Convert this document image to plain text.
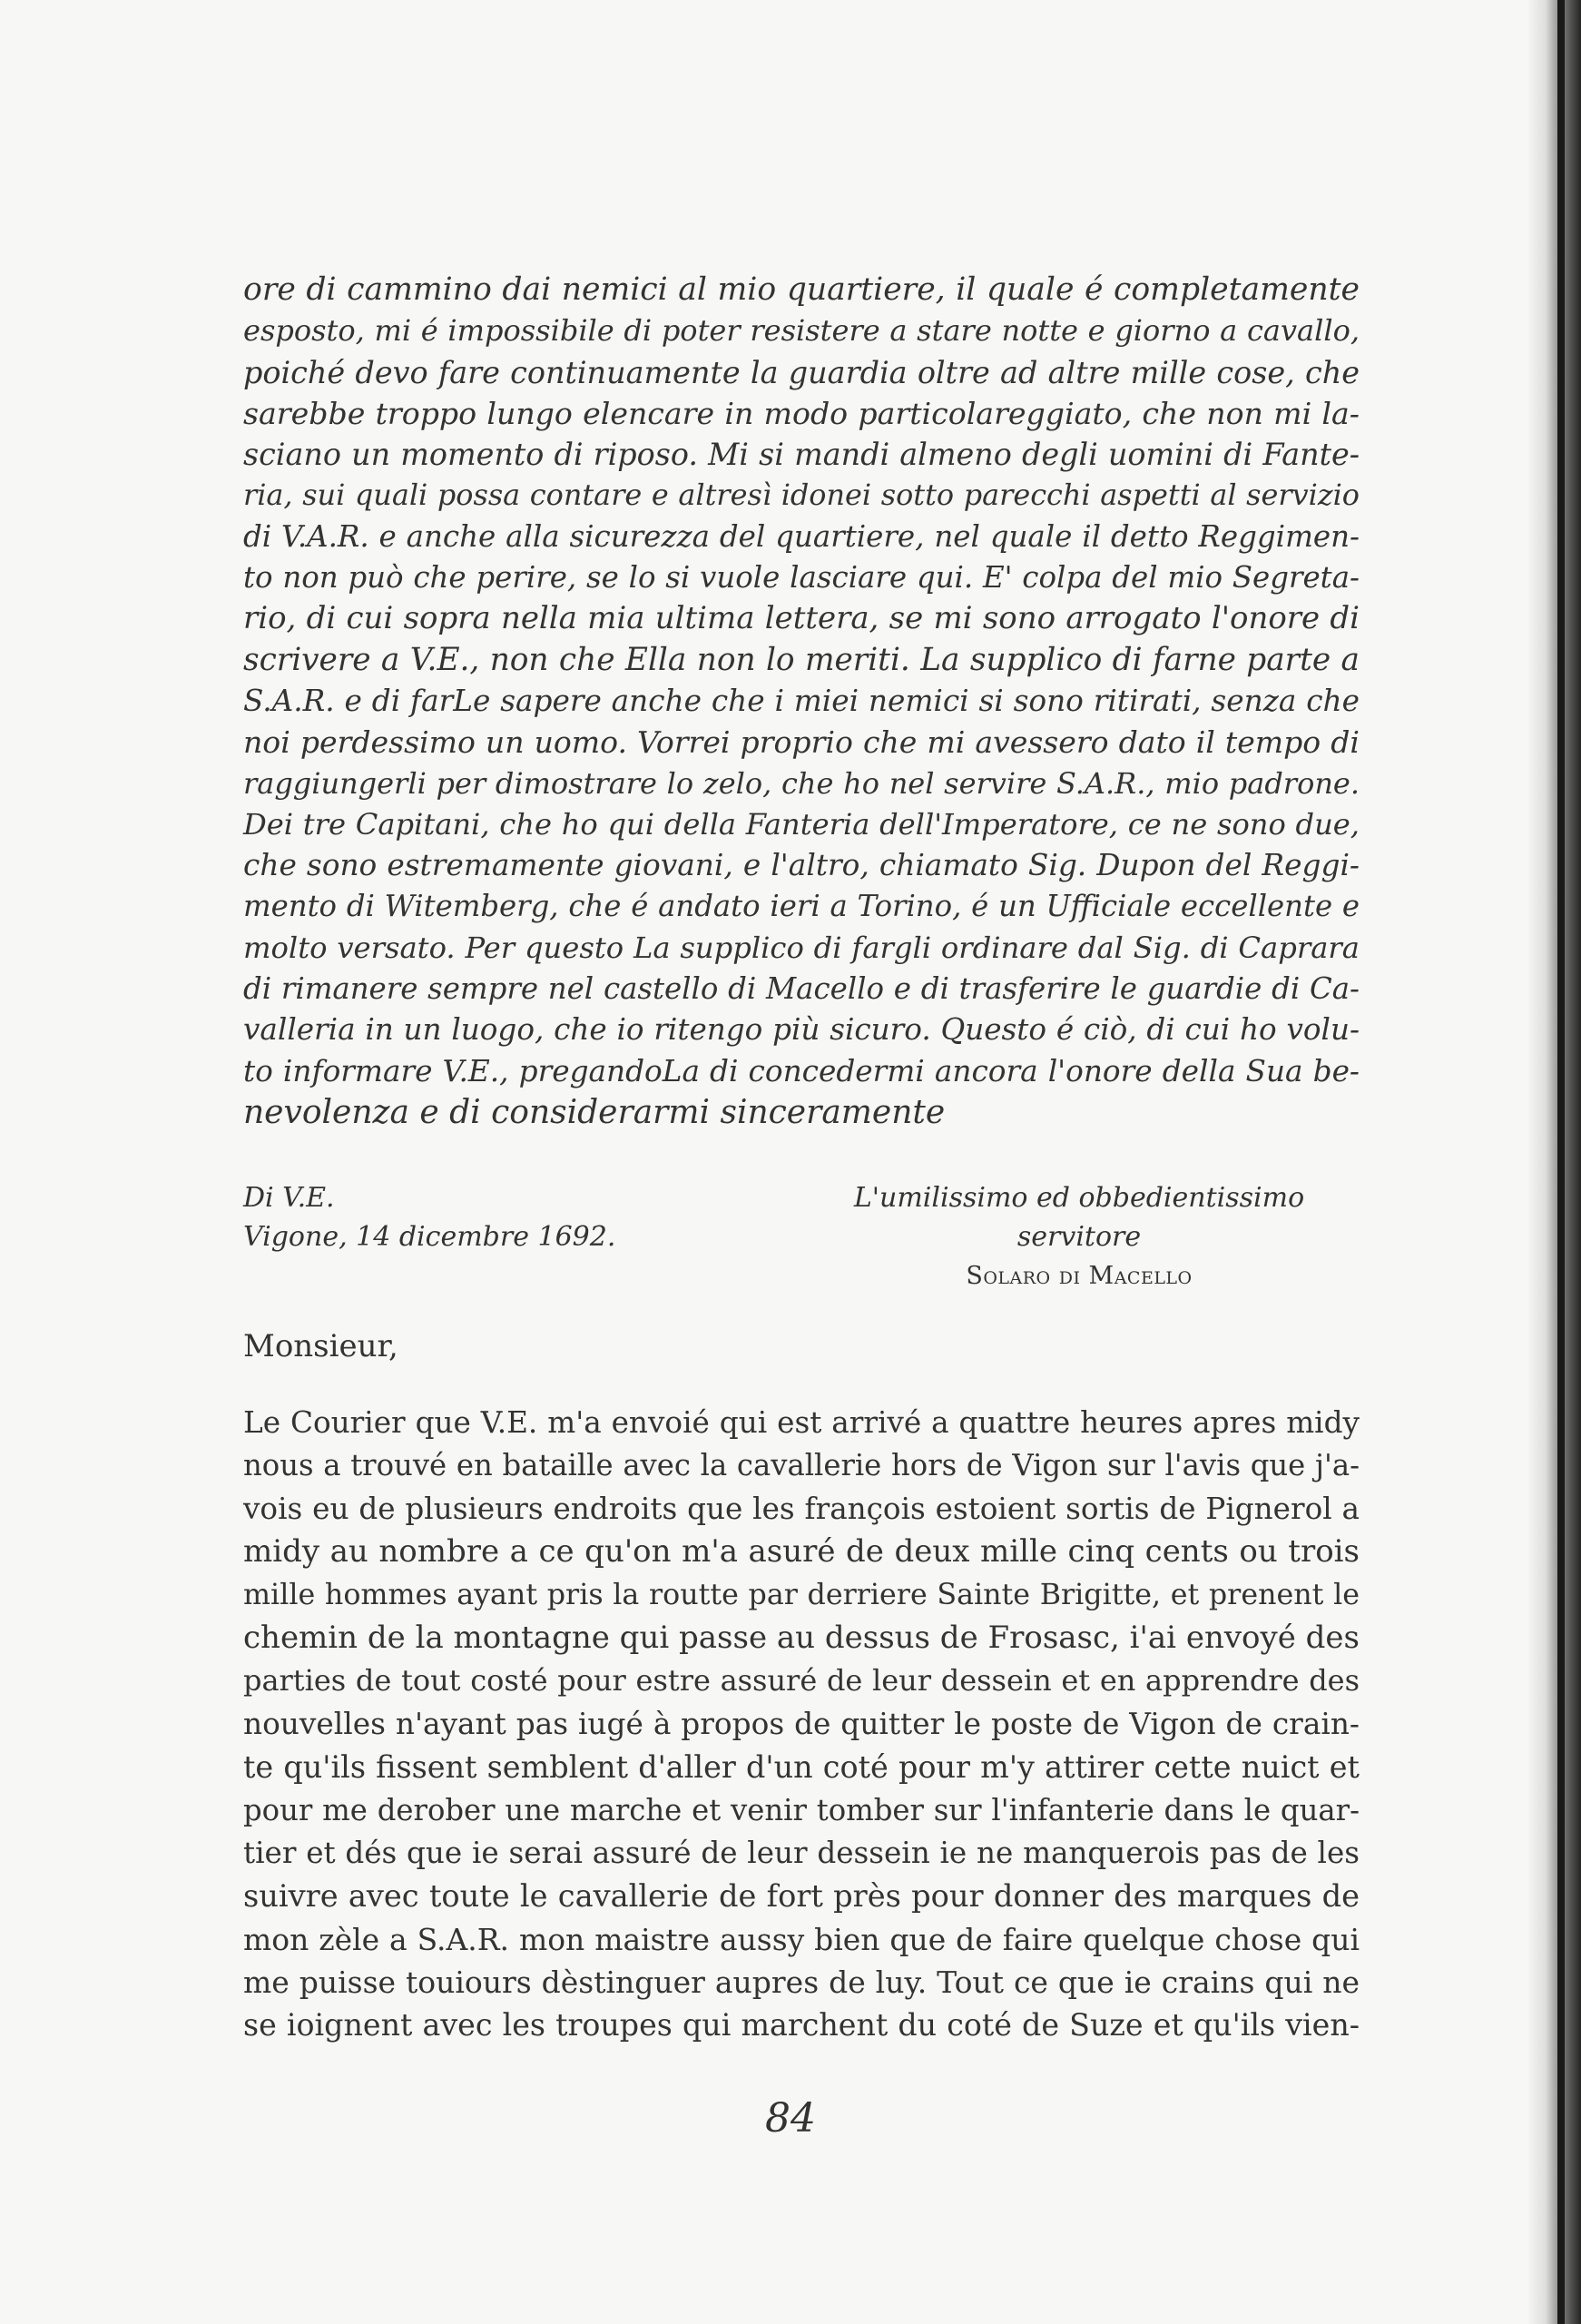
ore di cammino dai nemici al mio quartiere, il quale é completamente
esposto, mi é impossibile di poter resistere a stare notte e giorno a cavallo,
poiché devo fare continuamente la guardia oltre ad altre mille cose, che
sarebbe troppo lungo elencare in modo particolareggiato, che non mi la-
sciano un momento di riposo. Mi si mandi almeno degli uomini di Fante-
ria, sui quali possa contare e altresì idonei sotto parecchi aspetti al servizio
di V.A.R. e anche alla sicurezza del quartiere, nel quale il detto Reggimen-
to non può che perire, se lo si vuole lasciare qui. E' colpa del mio Segreta-
rio, di cui sopra nella mia ultima lettera, se mi sono arrogato l'onore di
scrivere a V.E., non che Ella non lo meriti. La supplico di farne parte a
S.A.R. e di farLe sapere anche che i miei nemici si sono ritirati, senza che
noi perdessimo un uomo. Vorrei proprio che mi avessero dato il tempo di
raggiungerli per dimostrare lo zelo, che ho nel servire S.A.R., mio padrone.
Dei tre Capitani, che ho qui della Fanteria dell'Imperatore, ce ne sono due,
che sono estremamente giovani, e l'altro, chiamato Sig. Dupon del Reggi-
mento di Witemberg, che é andato ieri a Torino, é un Ufficiale eccellente e
molto versato. Per questo La supplico di fargli ordinare dal Sig. di Caprara
di rimanere sempre nel castello di Macello e di trasferire le guardie di Ca-
valleria in un luogo, che io ritengo più sicuro. Questo é ciò, di cui ho volu-
to informare V.E., pregandoLa di concedermi ancora l'onore della Sua be-
nevolenza e di considerarmi sinceramente
Di V.E.
Vigone, 14 dicembre 1692.
L'umilissimo ed obbedientissimo servitore
Solaro di Macello
Monsieur,
Le Courier que V.E. m'a envoié qui est arrivé a quattre heures apres midy
nous a trouvé en bataille avec la cavallerie hors de Vigon sur l'avis que j'a-
vois eu de plusieurs endroits que les françois estoient sortis de Pignerol a
midy au nombre a ce qu'on m'a asuré de deux mille cinq cents ou trois
mille hommes ayant pris la routte par derriere Sainte Brigitte, et prenent le
chemin de la montagne qui passe au dessus de Frosasc, i'ai envoyé des
parties de tout costé pour estre assuré de leur dessein et en apprendre des
nouvelles n'ayant pas iugé à propos de quitter le poste de Vigon de crain-
te qu'ils fissent semblent d'aller d'un coté pour m'y attirer cette nuict et
pour me derober une marche et venir tomber sur l'infanterie dans le quar-
tier et dés que ie serai assuré de leur dessein ie ne manquerois pas de les
suivre avec toute le cavallerie de fort près pour donner des marques de
mon zèle a S.A.R. mon maistre aussy bien que de faire quelque chose qui
me puisse touiours dèstinguer aupres de luy. Tout ce que ie crains qui ne
se ioignent avec les troupes qui marchent du coté de Suze et qu'ils vien-
84
